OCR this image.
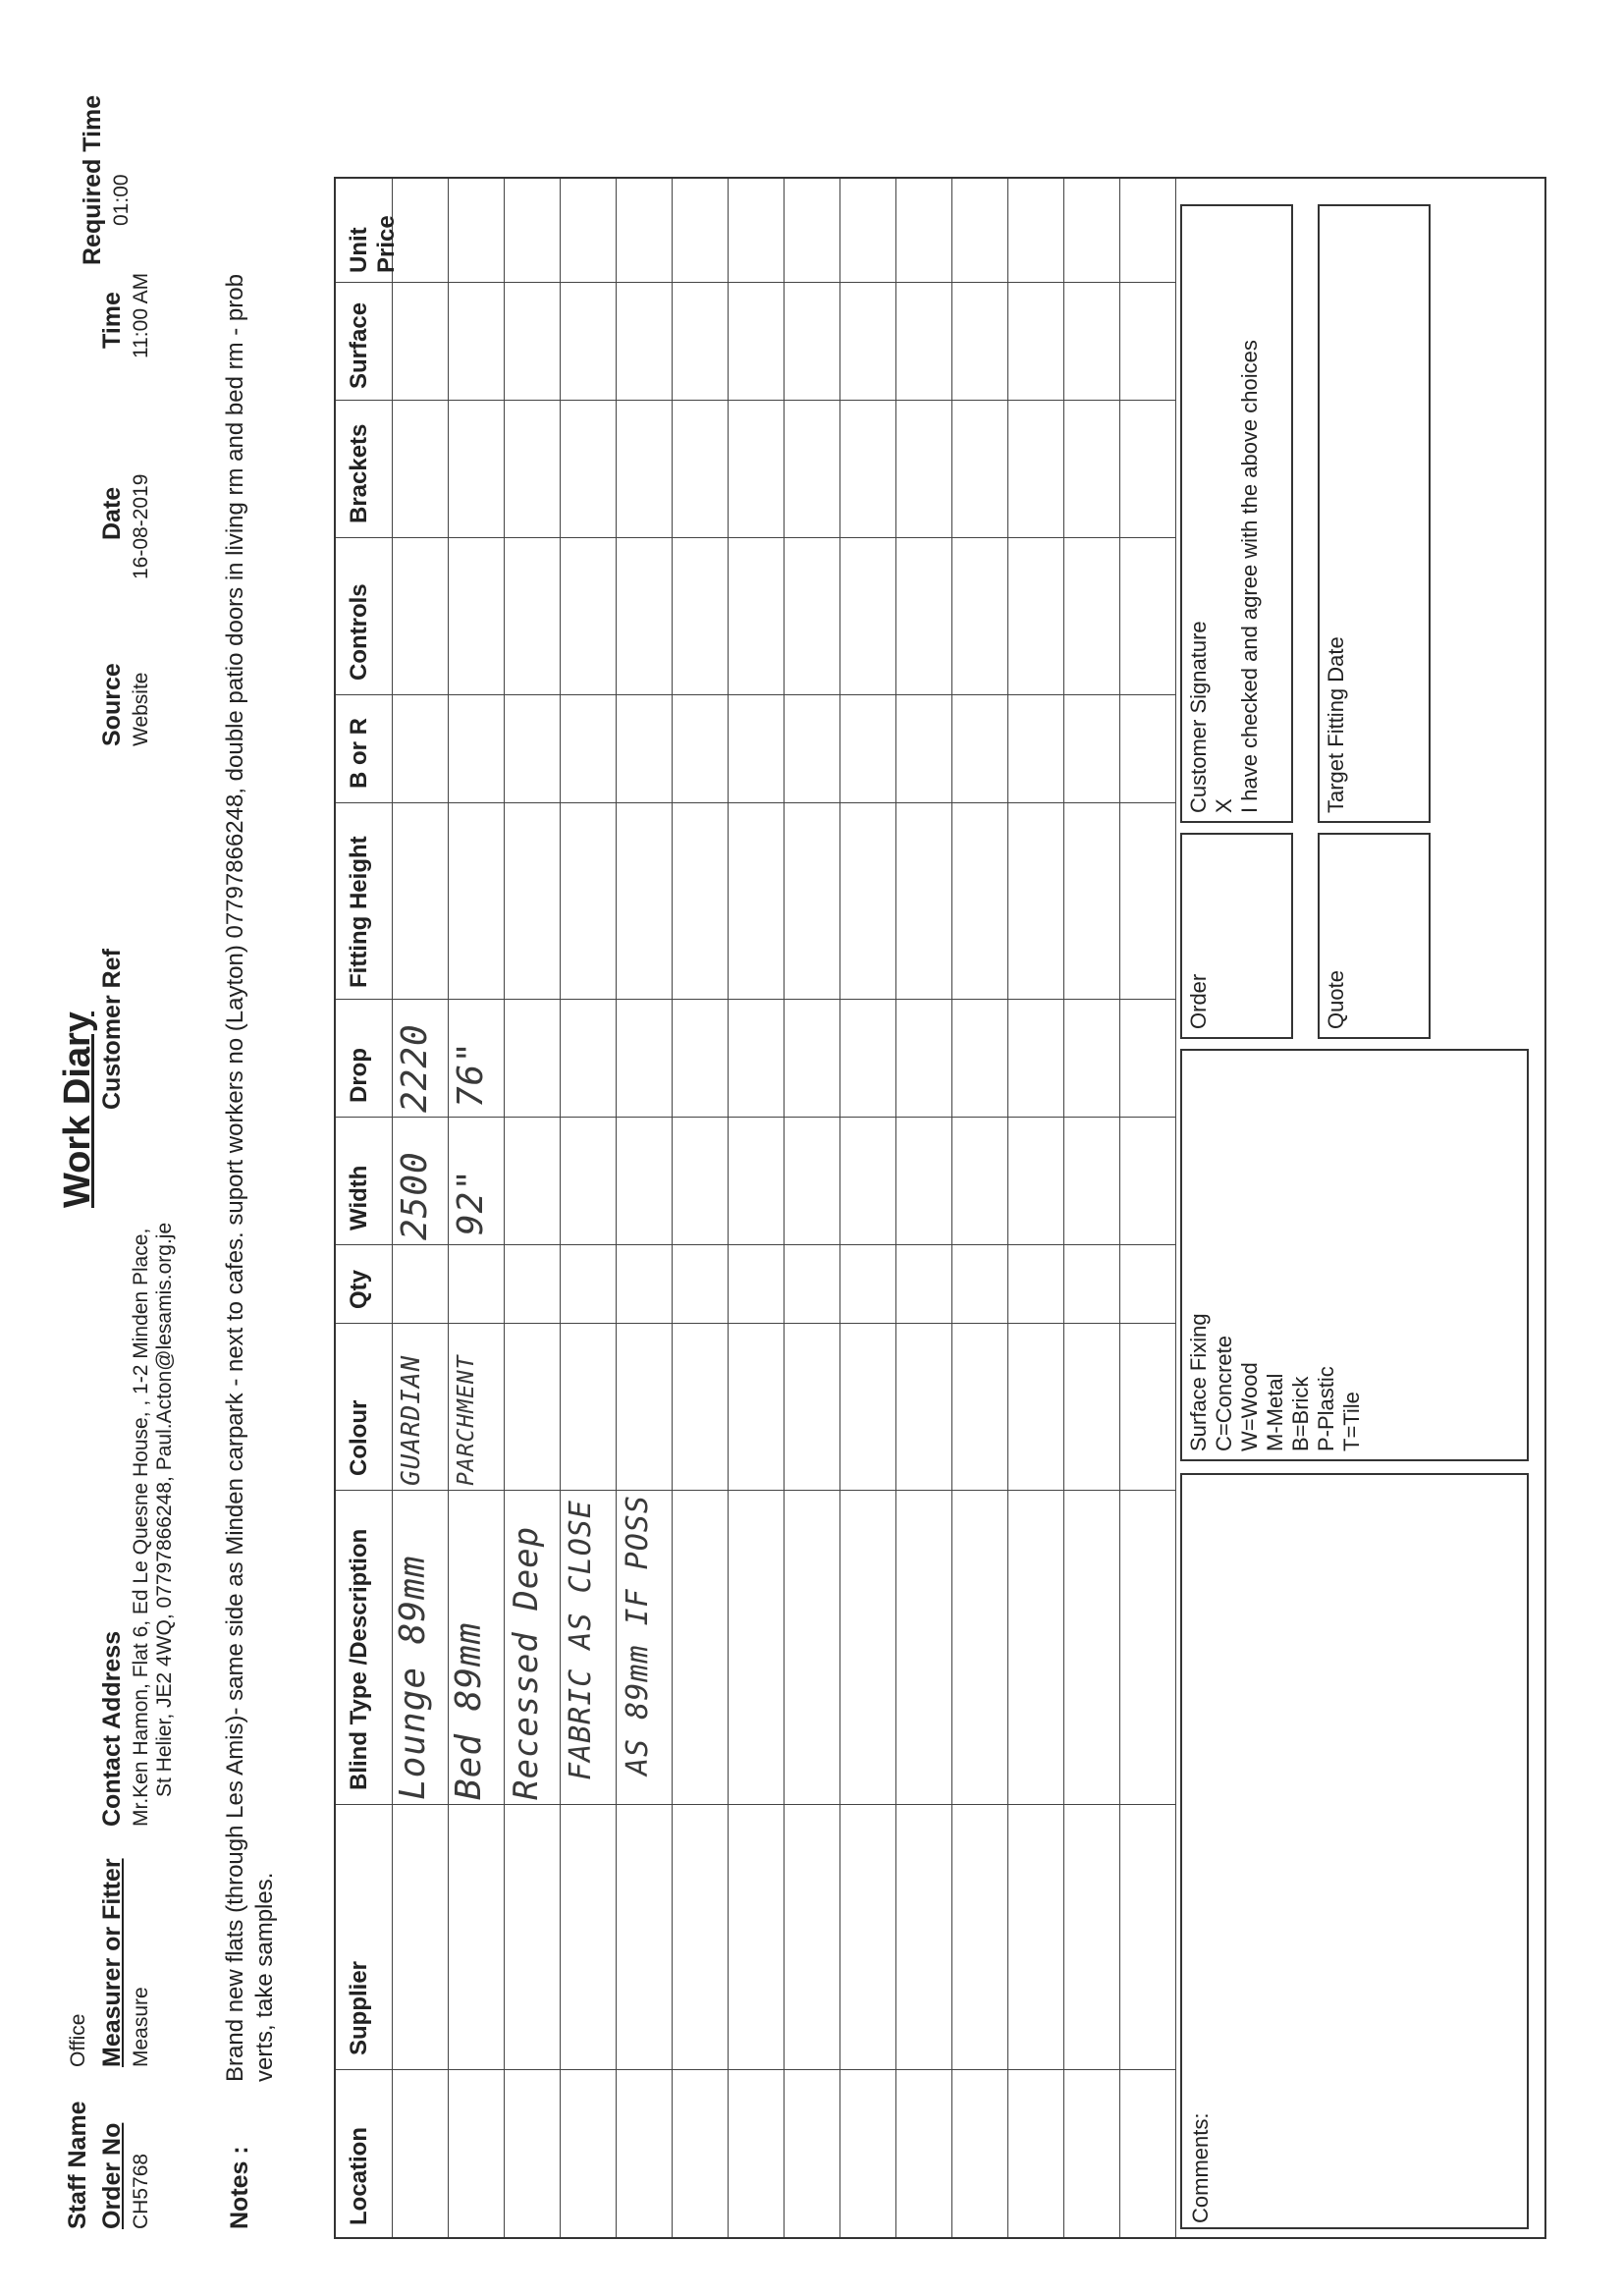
Staff Name
Office
Order No CH5768
Measurer or Fitter Measure
Contact Address Mr.Ken Hamon, Flat 6, Ed Le Quesne House, , 1-2 Minden Place, St Helier, JE2 4WQ, 07797866248, Paul.Acton@lesamis.org.je
Work Diary Customer Ref
Source Website
Date 16-08-2019
Time 11:00 AM
Required Time 01:00
Notes :
Brand new flats (through Les Amis)- same side as Minden carpark - next to cafes. suport workers no (Layton) 07797866248, double patio doors in living rm and bed rm - prob verts, take samples.
Location
Supplier
Blind Type /Description
Colour
Qty
Width
Drop
Fitting Height
B or R
Controls
Brackets
Surface
Unit Price
Lounge 89mm
GUARDIAN
2500
2220
Bed 89mm
PARCHMENT
92"
76"
Recessed Deep FABRIC AS CLOSE AS 89mm IF POSS
Comments:
Surface Fixing C=Concrete W=Wood M-Metal B=Brick P-Plastic T=Tile
Order
Customer Signature X I have checked and agree with the above choices
Quote
Target Fitting Date
